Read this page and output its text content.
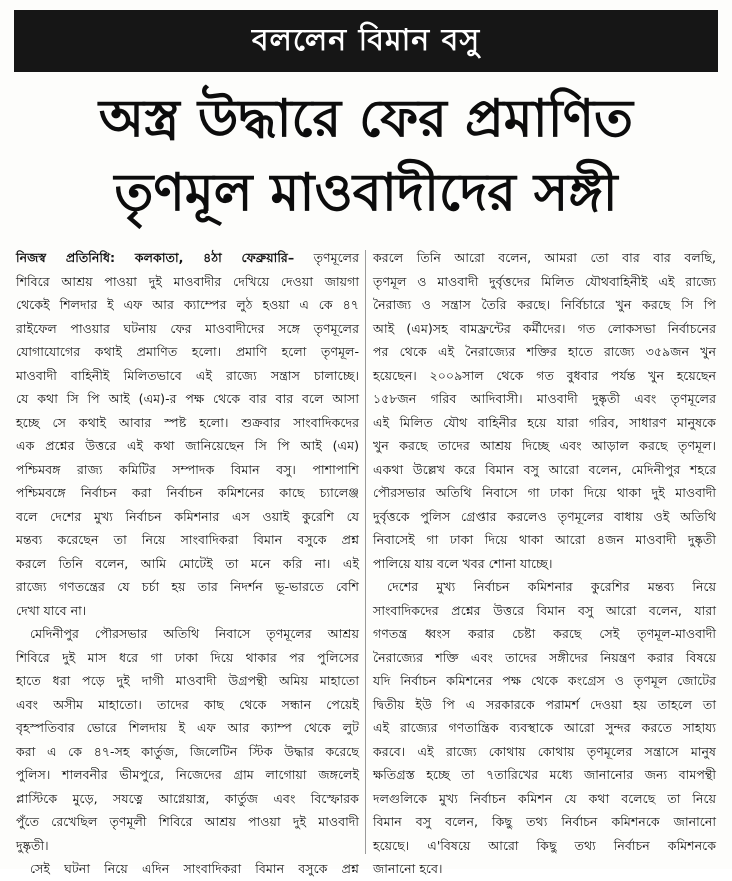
বললেন বিমান বসু
অস্ত্র উদ্ধারে ফের প্রমাণিত
তৃণমূল মাওবাদীদের সঙ্গী
নিজস্ব প্রতিনিধি: কলকাতা, ৪ঠা ফেব্রুয়ারি– তৃণমূলের
শিবিরে আশ্রয় পাওয়া দুই মাওবাদীর দেখিয়ে দেওয়া জায়গা
থেকেই শিলদার ই এফ আর ক্যাম্পের লুঠ হওয়া এ কে ৪৭
রাইফেল পাওয়ার ঘটনায় ফের মাওবাদীদের সঙ্গে তৃণমূলের
যোগাযোগের কথাই প্রমাণিত হলো। প্রমাণি হলো তৃণমূল-
মাওবাদী বাহিনীই মিলিতভাবে এই রাজ্যে সন্ত্রাস চালাচ্ছে।
যে কথা সি পি আই (এম)-র পক্ষ থেকে বার বার বলে আসা
হচ্ছে সে কথাই আবার স্পষ্ট হলো। শুক্রবার সাংবাদিকদের
এক প্রশ্নের উত্তরে এই কথা জানিয়েছেন সি পি আই (এম)
পশ্চিমবঙ্গ রাজ্য কমিটির সম্পাদক বিমান বসু। পাশাপাশি
পশ্চিমবঙ্গে নির্বাচন করা নির্বাচন কমিশনের কাছে চ্যালেঞ্জ
বলে দেশের মুখ্য নির্বাচন কমিশনার এস ওয়াই কুরেশি যে
মন্তব্য করেছেন তা নিয়ে সাংবাদিকরা বিমান বসুকে প্রশ্ন
করলে তিনি বলেন, আমি মোটেই তা মনে করি না। এই
রাজ্যে গণতন্ত্রের যে চর্চা হয় তার নিদর্শন ভূ-ভারতে বেশি
দেখা যাবে না।
মেদিনীপুর পৌরসভার অতিথি নিবাসে তৃণমূলের আশ্রয়
শিবিরে দুই মাস ধরে গা ঢাকা দিয়ে থাকার পর পুলিসের
হাতে ধরা পড়ে দুই দাগী মাওবাদী উগ্রপন্থী অমিয় মাহাতো
এবং অসীম মাহাতো। তাদের কাছ থেকে সন্ধান পেয়েই
বৃহস্পতিবার ভোরে শিলদায় ই এফ আর ক্যাম্প থেকে লুট
করা এ কে ৪৭-সহ কার্তুজ, জিলেটিন স্টিক উদ্ধার করেছে
পুলিস। শালবনীর ভীমপুরে, নিজেদের গ্রাম লাগোয়া জঙ্গলেই
প্লাস্টিকে মুড়ে, সযত্নে আগ্নেয়াস্ত্র, কার্তুজ এবং বিস্ফোরক
পুঁতে রেখেছিল তৃণমূলী শিবিরে আশ্রয় পাওয়া দুই মাওবাদী
দুষ্কৃতী।
সেই ঘটনা নিয়ে এদিন সাংবাদিকরা বিমান বসুকে প্রশ্ন
করলে তিনি আরো বলেন, আমরা তো বার বার বলছি,
তৃণমূল ও মাওবাদী দুর্বৃত্তদের মিলিত যৌথবাহিনীই এই রাজ্যে
নৈরাজ্য ও সন্ত্রাস তৈরি করছে। নির্বিচারে খুন করছে সি পি
আই (এম)সহ বামফ্রন্টের কর্মীদের। গত লোকসভা নির্বাচনের
পর থেকে এই নৈরাজ্যের শক্তির হাতে রাজ্যে ৩৫৯জন খুন
হয়েছেন। ২০০৯সাল থেকে গত বুধবার পর্যন্ত খুন হয়েছেন
১৫৮জন গরিব আদিবাসী। মাওবাদী দুষ্কৃতী এবং তৃণমূলের
এই মিলিত যৌথ বাহিনীর হয়ে যারা গরিব, সাধারণ মানুষকে
খুন করছে তাদের আশ্রয় দিচ্ছে এবং আড়াল করছে তৃণমূল।
একথা উল্লেখ করে বিমান বসু আরো বলেন, মেদিনীপুর শহরে
পৌরসভার অতিথি নিবাসে গা ঢাকা দিয়ে থাকা দুই মাওবাদী
দুর্বৃত্তকে পুলিস গ্রেপ্তার করলেও তৃণমূলের বাধায় ওই অতিথি
নিবাসেই গা ঢাকা দিয়ে থাকা আরো ৪জন মাওবাদী দুষ্কৃতী
পালিয়ে যায় বলে খবর শোনা যাচ্ছে।
দেশের মুখ্য নির্বাচন কমিশনার কুরেশির মন্তব্য নিয়ে
সাংবাদিকদের প্রশ্নের উত্তরে বিমান বসু আরো বলেন, যারা
গণতন্ত্র ধ্বংস করার চেষ্টা করছে সেই তৃণমূল-মাওবাদী
নৈরাজ্যের শক্তি এবং তাদের সঙ্গীদের নিয়ন্ত্রণ করার বিষয়ে
যদি নির্বাচন কমিশনের পক্ষ থেকে কংগ্রেস ও তৃণমূল জোটের
দ্বিতীয় ইউ পি এ সরকারকে পরামর্শ দেওয়া হয় তাহলে তা
এই রাজ্যের গণতান্ত্রিক ব্যবস্থাকে আরো সুন্দর করতে সাহায্য
করবে। এই রাজ্যে কোথায় কোথায় তৃণমূলের সন্ত্রাসে মানুষ
ক্ষতিগ্রস্ত হচ্ছে তা ৭তারিখের মধ্যে জানানোর জন্য বামপন্থী
দলগুলিকে মুখ্য নির্বাচন কমিশন যে কথা বলেছে তা নিয়ে
বিমান বসু বলেন, কিছু তথ্য নির্বাচন কমিশনকে জানানো
হয়েছে। এ'বিষয়ে আরো কিছু তথ্য নির্বাচন কমিশনকে
জানানো হবে।
